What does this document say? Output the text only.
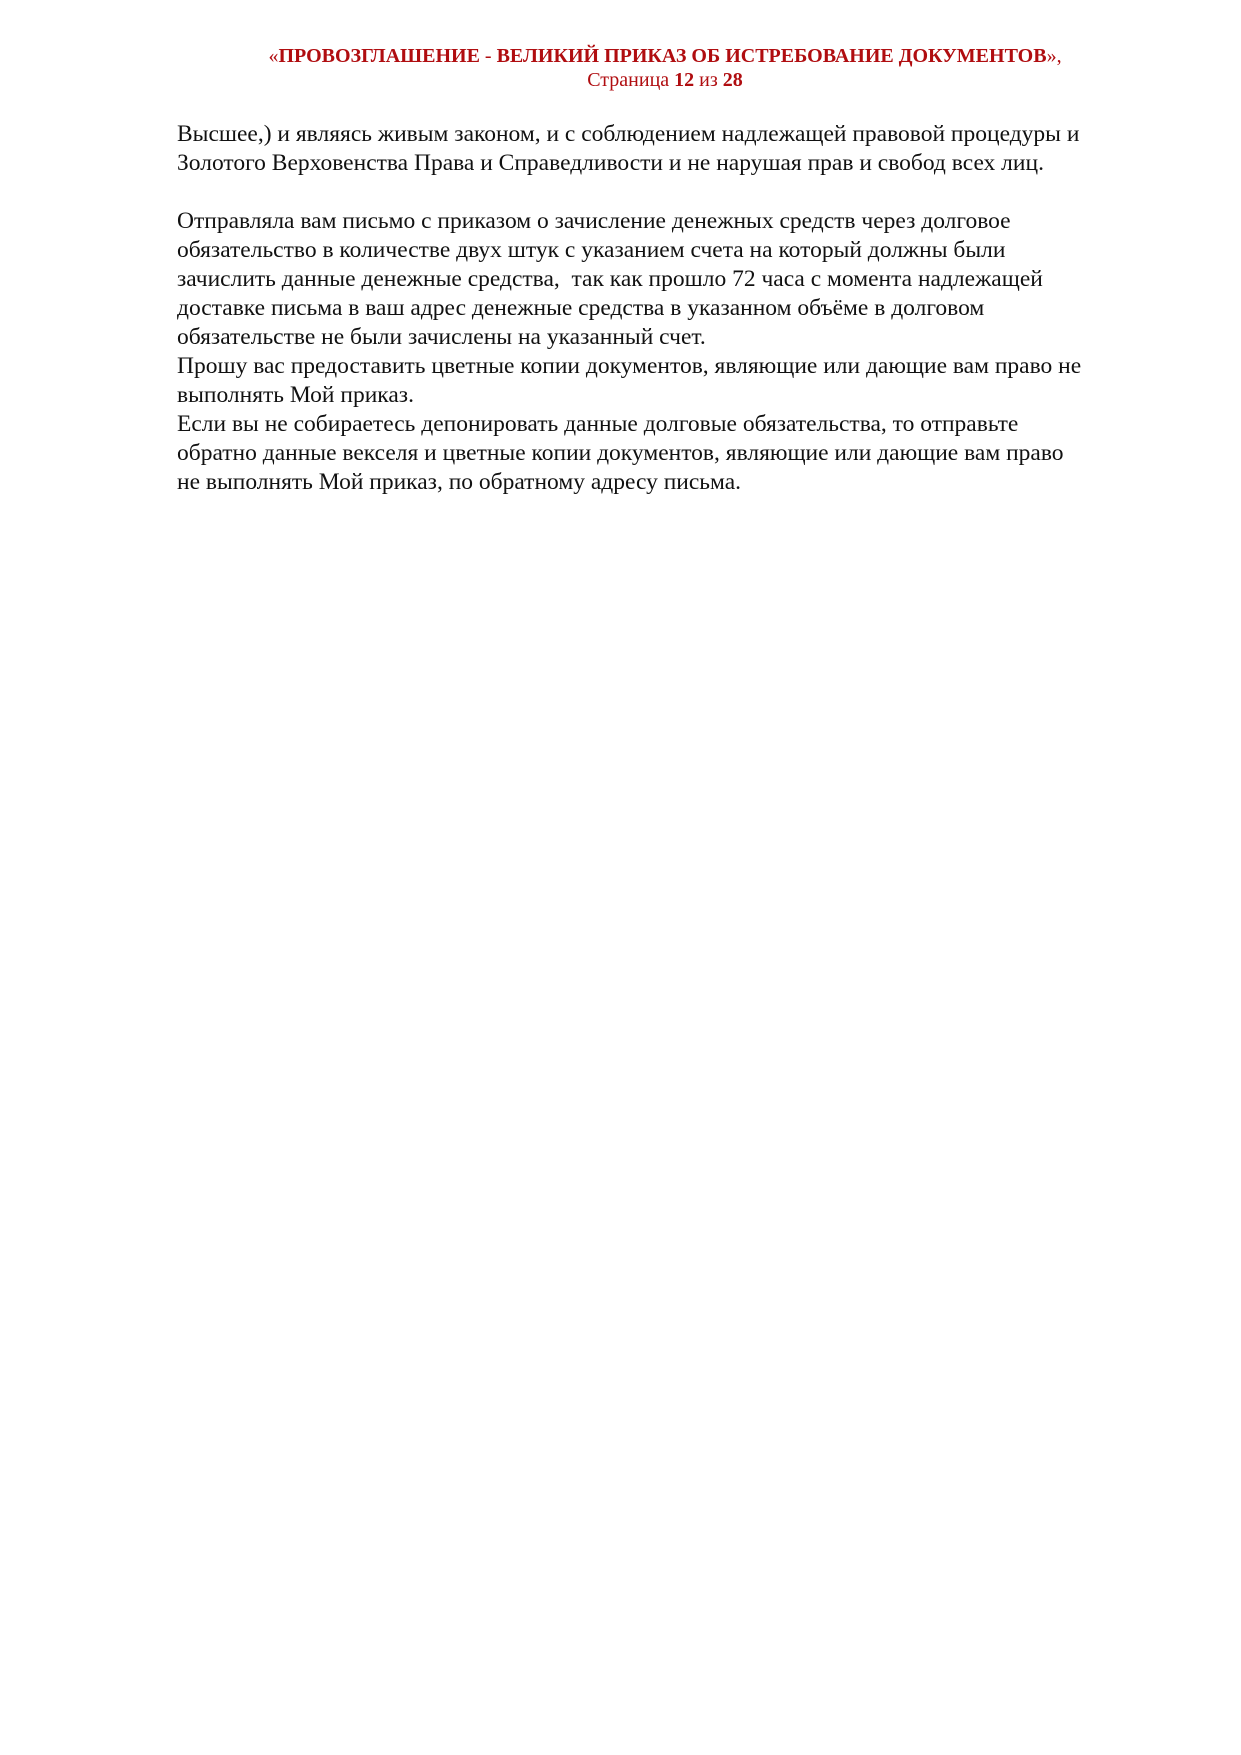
«ПРОВОЗГЛАШЕНИЕ - ВЕЛИКИЙ ПРИКАЗ ОБ ИСТРЕБОВАНИЕ ДОКУМЕНТОВ»,
Страница 12 из 28

Высшее,) и являясь живым законом, и с соблюдением надлежащей правовой процедуры и
Золотого Верховенства Права и Справедливости и не нарушая прав и свобод всех лиц.

Отправляла вам письмо с приказом о зачисление денежных средств через долговое
обязательство в количестве двух штук с указанием счета на который должны были
зачислить данные денежные средства,  так как прошло 72 часа с момента надлежащей
доставке письма в ваш адрес денежные средства в указанном объёме в долговом
обязательстве не были зачислены на указанный счет.

Прошу вас предоставить цветные копии документов, являющие или дающие вам право не
выполнять Мой приказ.

Если вы не собираетесь депонировать данные долговые обязательства, то отправьте
обратно данные векселя и цветные копии документов, являющие или дающие вам право
не выполнять Мой приказ, по обратному адресу письма.
